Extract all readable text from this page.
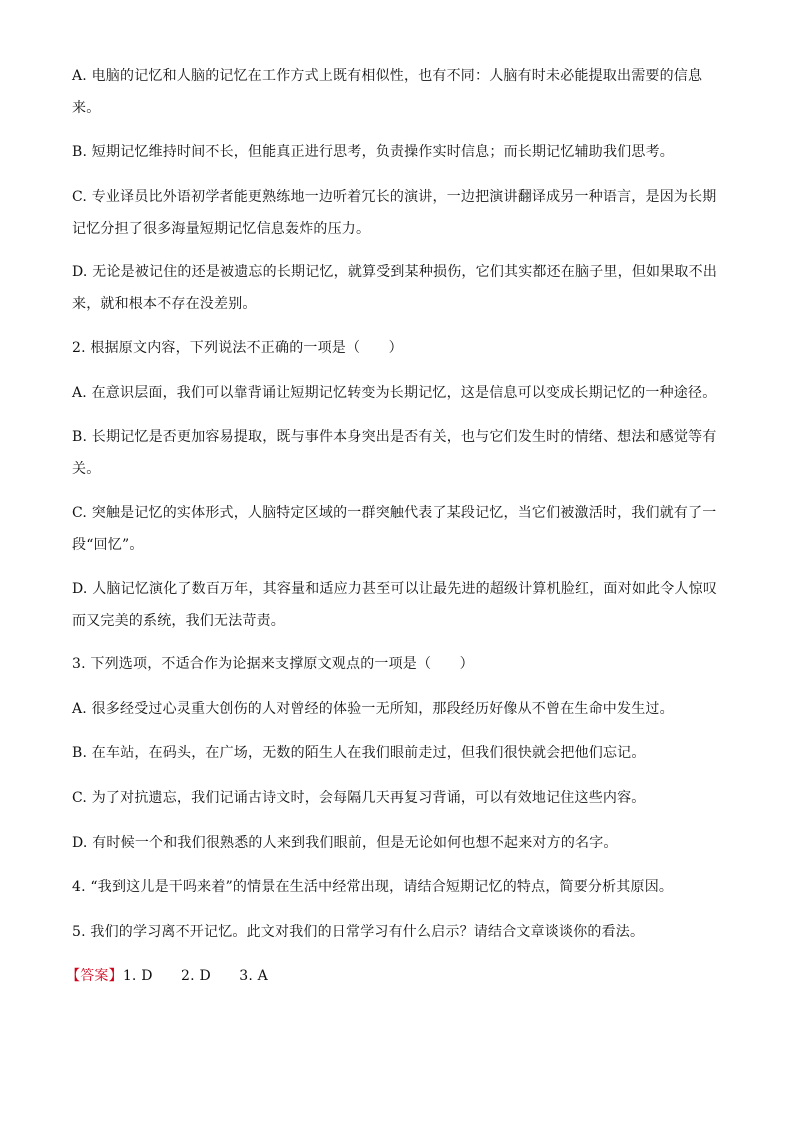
A. 电脑的记忆和人脑的记忆在工作方式上既有相似性，也有不同：人脑有时未必能提取出需要的信息来。
B. 短期记忆维持时间不长，但能真正进行思考，负责操作实时信息；而长期记忆辅助我们思考。
C. 专业译员比外语初学者能更熟练地一边听着冗长的演讲，一边把演讲翻译成另一种语言，是因为长期记忆分担了很多海量短期记忆信息轰炸的压力。
D. 无论是被记住的还是被遗忘的长期记忆，就算受到某种损伤，它们其实都还在脑子里，但如果取不出来，就和根本不存在没差别。
2. 根据原文内容，下列说法不正确的一项是（　　）
A. 在意识层面，我们可以靠背诵让短期记忆转变为长期记忆，这是信息可以变成长期记忆的一种途径。
B. 长期记忆是否更加容易提取，既与事件本身突出是否有关，也与它们发生时的情绪、想法和感觉等有关。
C. 突触是记忆的实体形式，人脑特定区域的一群突触代表了某段记忆，当它们被激活时，我们就有了一段“回忆”。
D. 人脑记忆演化了数百万年，其容量和适应力甚至可以让最先进的超级计算机脸红，面对如此令人惊叹而又完美的系统，我们无法苛责。
3. 下列选项，不适合作为论据来支撑原文观点的一项是（　　）
A. 很多经受过心灵重大创伤的人对曾经的体验一无所知，那段经历好像从不曾在生命中发生过。
B. 在车站，在码头，在广场，无数的陌生人在我们眼前走过，但我们很快就会把他们忘记。
C. 为了对抗遗忘，我们记诵古诗文时，会每隔几天再复习背诵，可以有效地记住这些内容。
D. 有时候一个和我们很熟悉的人来到我们眼前，但是无论如何也想不起来对方的名字。
4. “我到这儿是干吗来着”的情景在生活中经常出现，请结合短期记忆的特点，简要分析其原因。
5. 我们的学习离不开记忆。此文对我们的日常学习有什么启示？请结合文章谈谈你的看法。
【答案】1. D　　2. D　　3. A
